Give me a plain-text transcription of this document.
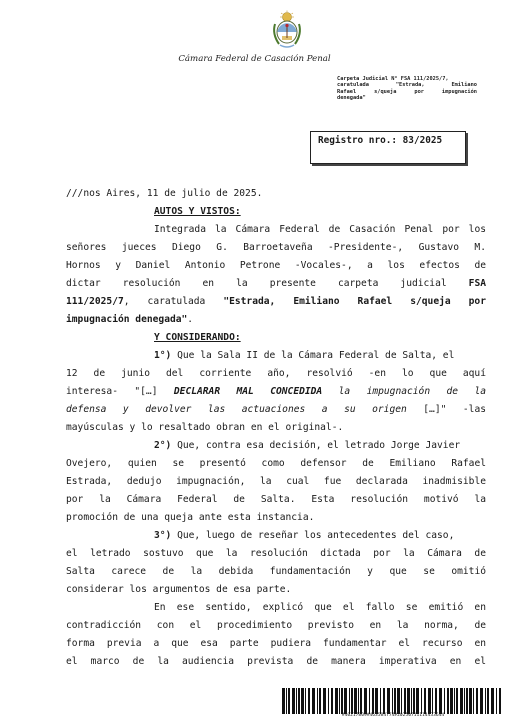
Cámara Federal de Casación Penal
Carpeta Judicial N° FSA 111/2025/7,
caratulada "Estrada, Emiliano
Rafael s/queja por impugnación
denegada"
Registro nro.: 83/2025
///nos Aires, 11 de julio de 2025.
AUTOS Y VISTOS:
Integrada la Cámara Federal de Casación Penal por los
señores jueces Diego G. Barroetaveña -Presidente-, Gustavo M.
Hornos y Daniel Antonio Petrone -Vocales-, a los efectos de
dictar resolución en la presente carpeta judicial FSA
111/2025/7, caratulada "Estrada, Emiliano Rafael s/queja por
impugnación denegada".
Y CONSIDERANDO:
1°) Que la Sala II de la Cámara Federal de Salta, el
12 de junio del corriente año, resolvió -en lo que aquí
interesa- "[…] DECLARAR MAL CONCEDIDA la impugnación de la
defensa y devolver las actuaciones a su origen […]" -las
mayúsculas y lo resaltado obran en el original-.
2°) Que, contra esa decisión, el letrado Jorge Javier
Ovejero, quien se presentó como defensor de Emiliano Rafael
Estrada, dedujo impugnación, la cual fue declarada inadmisible
por la Cámara Federal de Salta. Esta resolución motivó la
promoción de una queja ante esta instancia.
3°) Que, luego de reseñar los antecedentes del caso,
el letrado sostuvo que la resolución dictada por la Cámara de
Salta carece de la debida fundamentación y que se omitió
considerar los argumentos de esa parte.
En ese sentido, explicó que el fallo se emitió en
contradicción con el procedimiento previsto en la norma, de
forma previa a que esa parte pudiera fundamentar el recurso en
el marco de la audiencia prevista de manera imperativa en el
#40217809#463584774#20250711114433644
